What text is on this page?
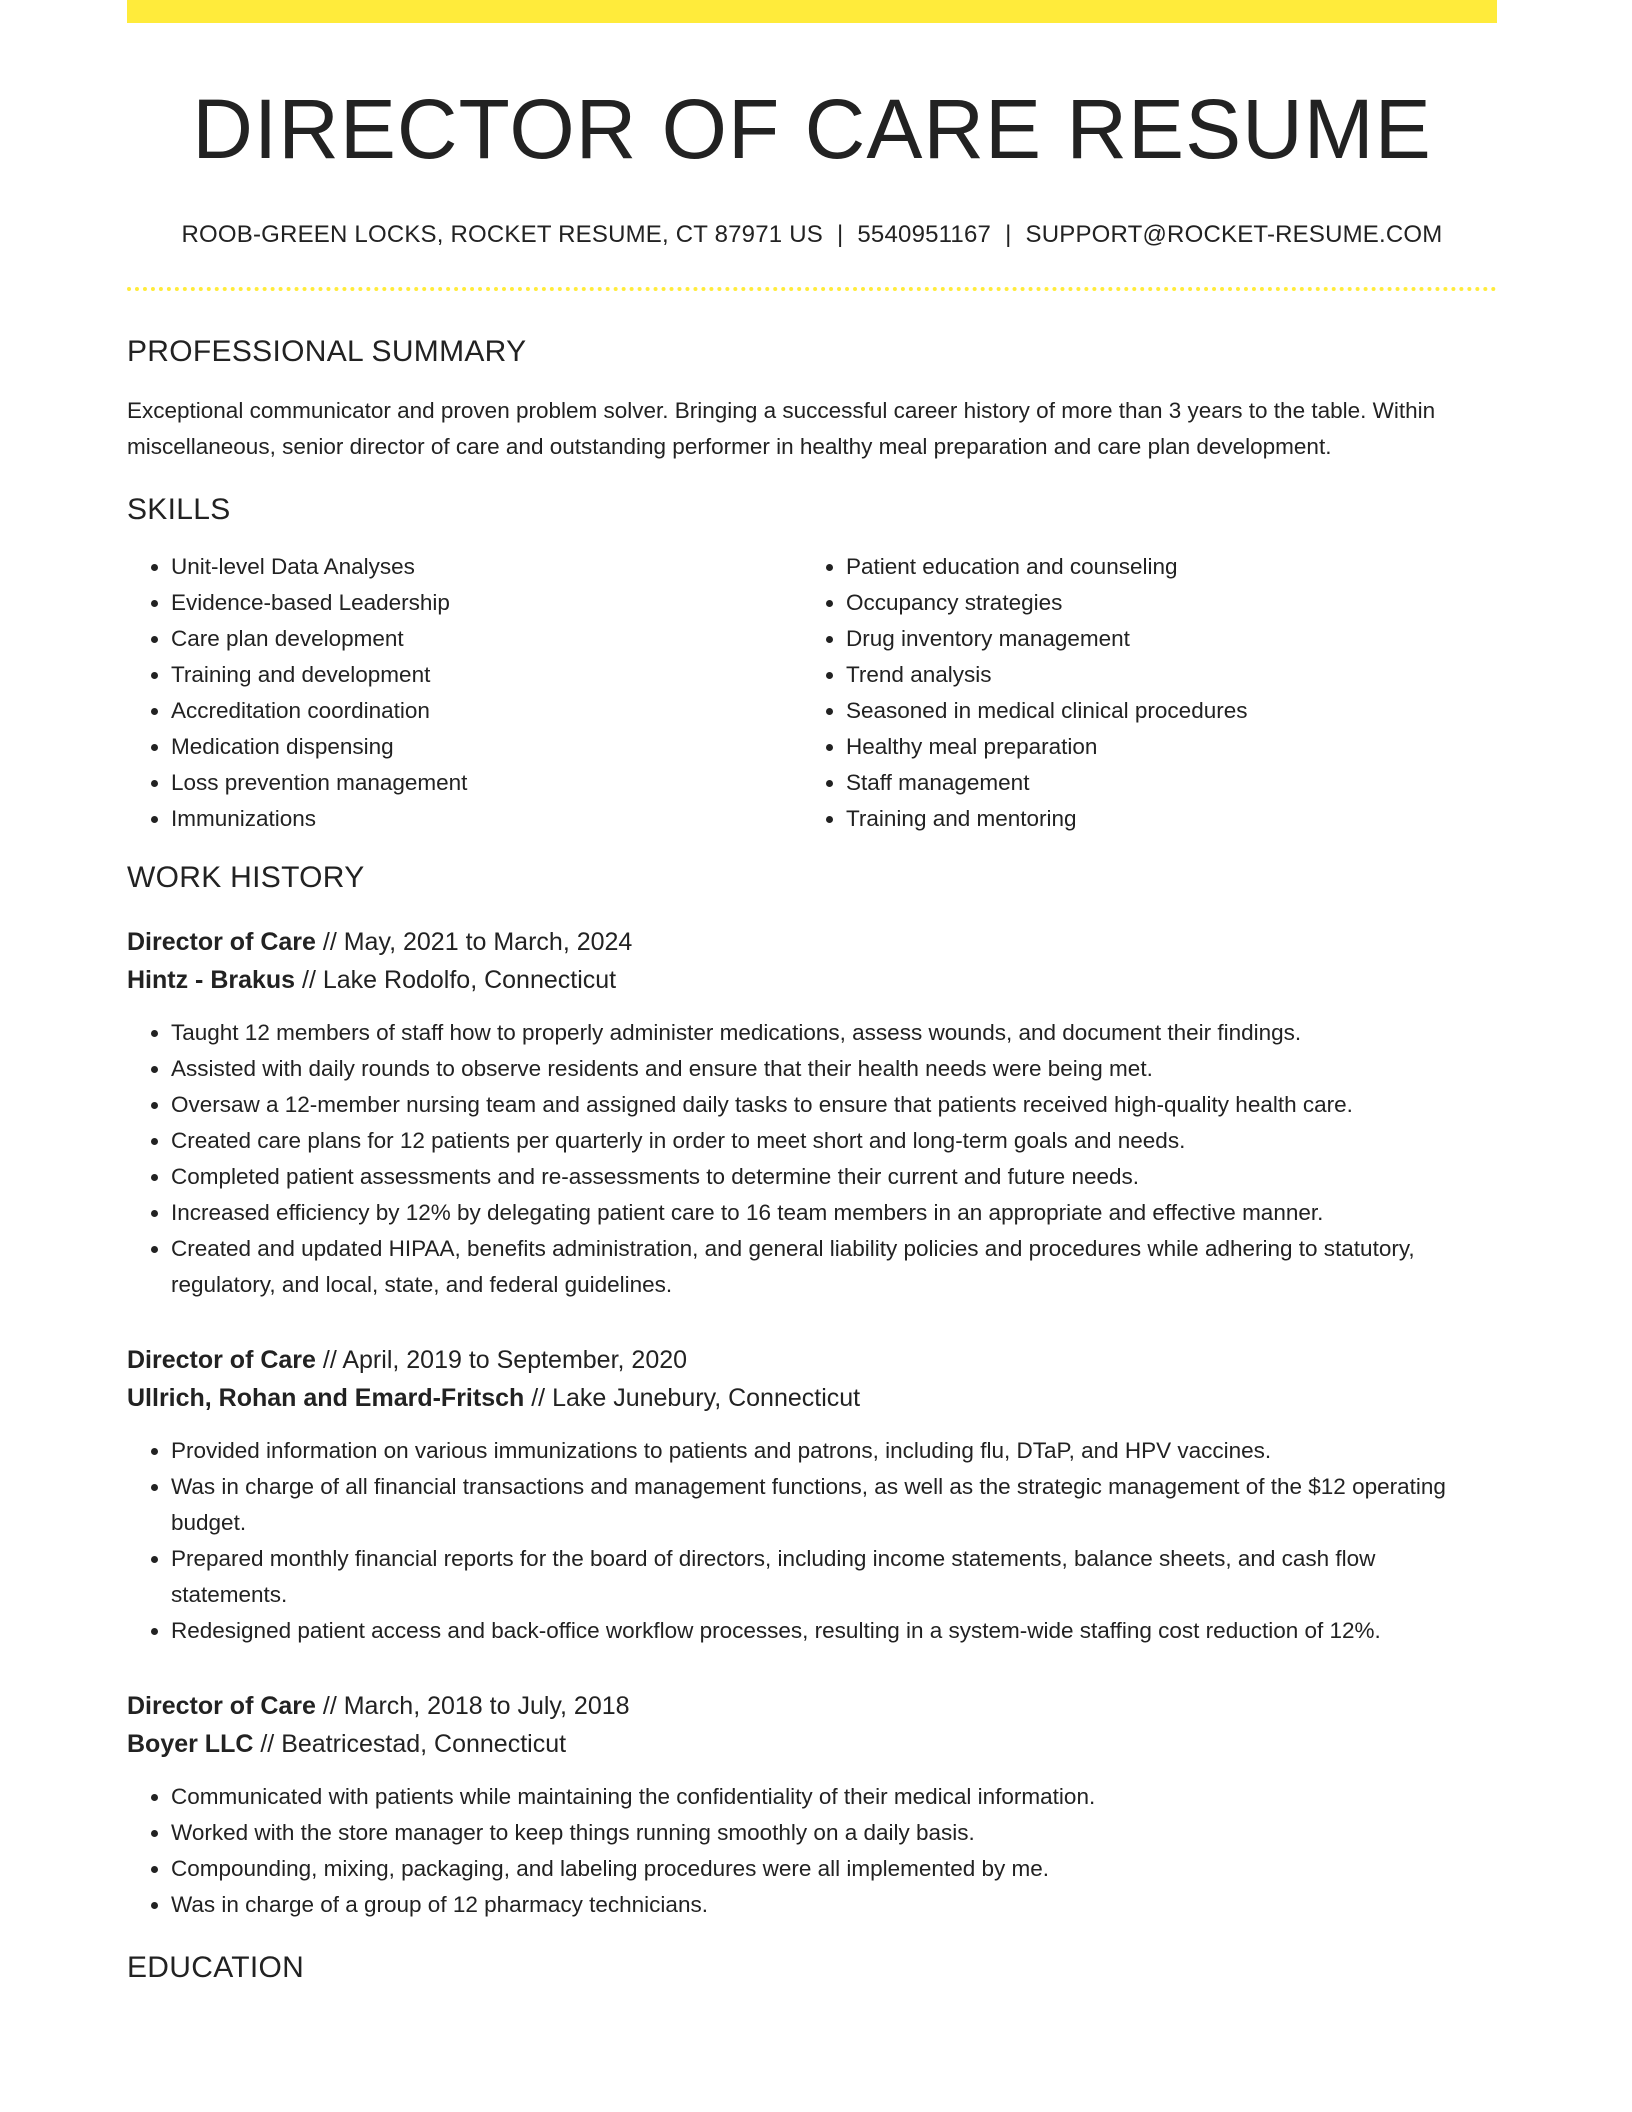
DIRECTOR OF CARE RESUME
ROOB-GREEN LOCKS, ROCKET RESUME, CT 87971 US | 5540951167 | SUPPORT@ROCKET-RESUME.COM
PROFESSIONAL SUMMARY

Exceptional communicator and proven problem solver. Bringing a successful career history of more than 3 years to the table. Within miscellaneous, senior director of care and outstanding performer in healthy meal preparation and care plan development.

SKILLS
• Unit-level Data Analyses
• Evidence-based Leadership
• Care plan development
• Training and development
• Accreditation coordination
• Medication dispensing
• Loss prevention management
• Immunizations
• Patient education and counseling
• Occupancy strategies
• Drug inventory management
• Trend analysis
• Seasoned in medical clinical procedures
• Healthy meal preparation
• Staff management
• Training and mentoring
WORK HISTORY
Director of Care // May, 2021 to March, 2024
Hintz - Brakus // Lake Rodolfo, Connecticut
• Taught 12 members of staff how to properly administer medications, assess wounds, and document their findings.
• Assisted with daily rounds to observe residents and ensure that their health needs were being met.
• Oversaw a 12-member nursing team and assigned daily tasks to ensure that patients received high-quality health care.
• Created care plans for 12 patients per quarterly in order to meet short and long-term goals and needs.
• Completed patient assessments and re-assessments to determine their current and future needs.
• Increased efficiency by 12% by delegating patient care to 16 team members in an appropriate and effective manner.
• Created and updated HIPAA, benefits administration, and general liability policies and procedures while adhering to statutory, regulatory, and local, state, and federal guidelines.
Director of Care // April, 2019 to September, 2020
Ullrich, Rohan and Emard-Fritsch // Lake Junebury, Connecticut
• Provided information on various immunizations to patients and patrons, including flu, DTaP, and HPV vaccines.
• Was in charge of all financial transactions and management functions, as well as the strategic management of the $12 operating budget.
• Prepared monthly financial reports for the board of directors, including income statements, balance sheets, and cash flow statements.
• Redesigned patient access and back-office workflow processes, resulting in a system-wide staffing cost reduction of 12%.
Director of Care // March, 2018 to July, 2018
Boyer LLC // Beatricestad, Connecticut
• Communicated with patients while maintaining the confidentiality of their medical information.
• Worked with the store manager to keep things running smoothly on a daily basis.
• Compounding, mixing, packaging, and labeling procedures were all implemented by me.
• Was in charge of a group of 12 pharmacy technicians.
EDUCATION
